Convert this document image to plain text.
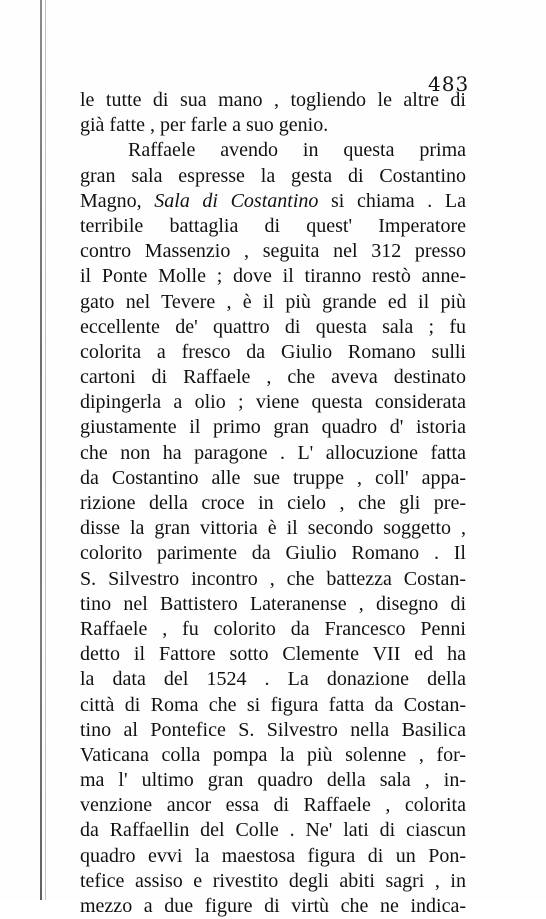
483
le tutte di sua mano , togliendo le altre di
già fatte , per farle a suo genio.
Raffaele avendo in questa prima
gran sala espresse la gesta di Costantino
Magno, Sala di Costantino si chiama . La
terribile battaglia di quest' Imperatore
contro Massenzio , seguita nel 312 presso
il Ponte Molle ; dove il tiranno restò anne-
gato nel Tevere , è il più grande ed il più
eccellente de' quattro di questa sala ; fu
colorita a fresco da Giulio Romano sulli
cartoni di Raffaele , che aveva destinato
dipingerla a olio ; viene questa considerata
giustamente il primo gran quadro d' istoria
che non ha paragone . L' allocuzione fatta
da Costantino alle sue truppe , coll' appa-
rizione della croce in cielo , che gli pre-
disse la gran vittoria è il secondo soggetto ,
colorito parimente da Giulio Romano . Il
S. Silvestro incontro , che battezza Costan-
tino nel Battistero Lateranense , disegno di
Raffaele , fu colorito da Francesco Penni
detto il Fattore sotto Clemente VII ed ha
la data del 1524 . La donazione della
città di Roma che si figura fatta da Costan-
tino al Pontefice S. Silvestro nella Basilica
Vaticana colla pompa la più solenne , for-
ma l' ultimo gran quadro della sala , in-
venzione ancor essa di Raffaele , colorita
da Raffaellin del Colle . Ne' lati di ciascun
quadro evvi la maestosa figura di un Pon-
tefice assiso e rivestito degli abiti sagri , in
mezzo a due figure di virtù che ne indica-
